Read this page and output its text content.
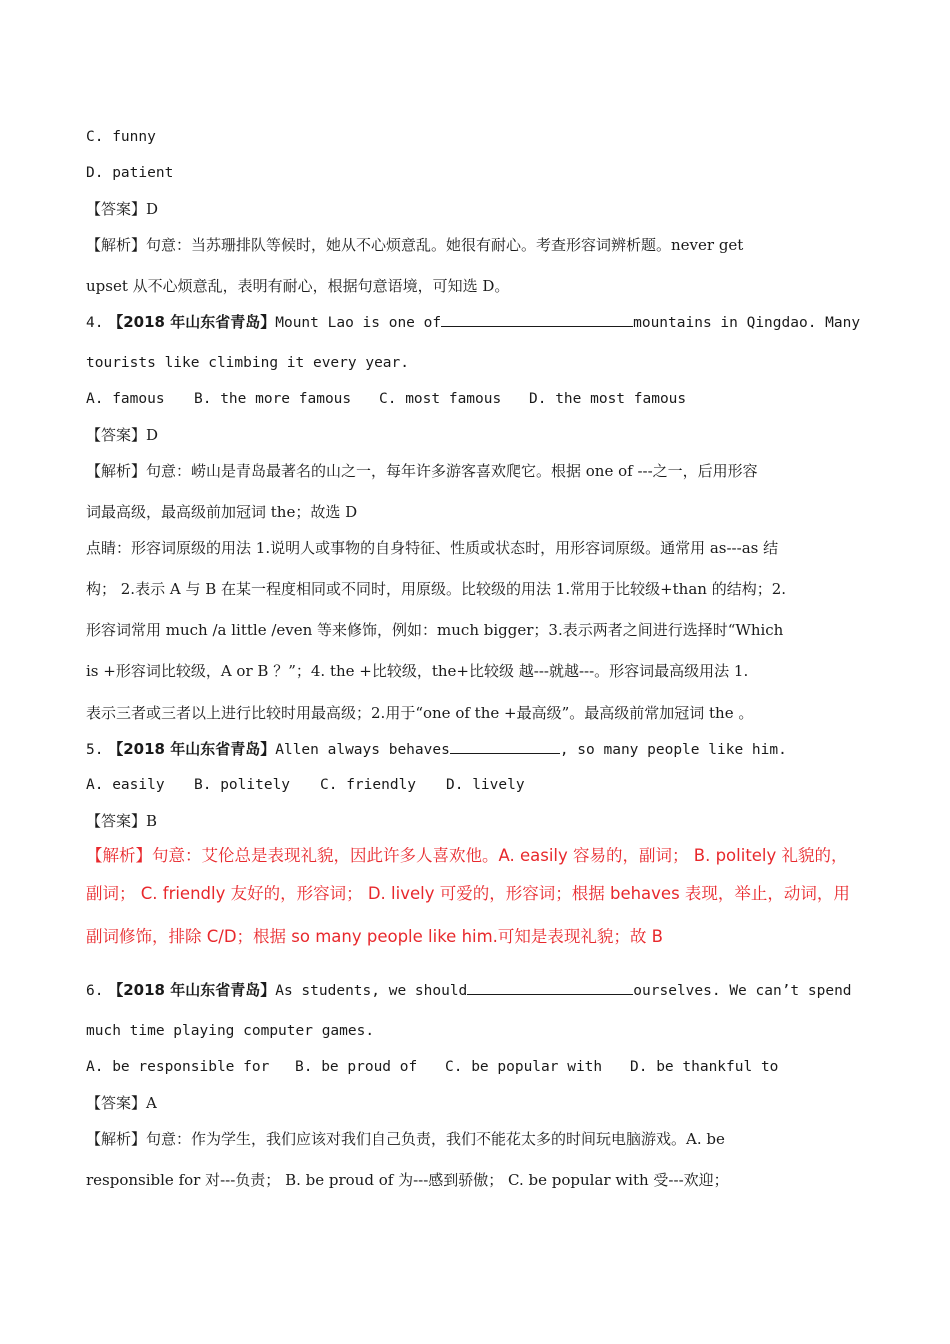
C. funny
D. patient
【答案】D
【解析】句意：当苏珊排队等候时，她从不心烦意乱。她很有耐心。考查形容词辨析题。never get
upset 从不心烦意乱，表明有耐心，根据句意语境，可知选 D。
4. 【2018 年山东省青岛】Mount Lao is one of	mountains in Qingdao. Many
tourists like climbing it every year.
A. famous B. the more famous C. most famous D. the most famous
【答案】D
【解析】句意：崂山是青岛最著名的山之一，每年许多游客喜欢爬它。根据 one of ---之一，后用形容
词最高级，最高级前加冠词 the；故选 D
点睛：形容词原级的用法 1.说明人或事物的自身特征、性质或状态时，用形容词原级。通常用 as---as 结
构； 2.表示 A 与 B 在某一程度相同或不同时，用原级。比较级的用法 1.常用于比较级+than 的结构；2.
形容词常用 much /a little /even 等来修饰，例如：much bigger；3.表示两者之间进行选择时“Which
is +形容词比较级，A or B ？”；4. the +比较级，the+比较级 越---就越---。形容词最高级用法 1.
表示三者或三者以上进行比较时用最高级；2.用于“one of the +最高级”。最高级前常加冠词 the 。
5. 【2018 年山东省青岛】Allen always behaves	, so many people like him.
A. easily B. politely C. friendly D. lively
【答案】B
【解析】句意：艾伦总是表现礼貌，因此许多人喜欢他。A. easily 容易的，副词； B. politely 礼貌的，
副词； C. friendly 友好的，形容词； D. lively 可爱的，形容词；根据 behaves 表现，举止，动词，用
副词修饰，排除 C/D；根据 so many people like him.可知是表现礼貌；故 B
6. 【2018 年山东省青岛】As students, we should	ourselves. We can’t spend
much time playing computer games.
A. be responsible for B. be proud of C. be popular with D. be thankful to
【答案】A
【解析】句意：作为学生，我们应该对我们自己负责，我们不能花太多的时间玩电脑游戏。A. be
responsible for 对---负责； B. be proud of 为---感到骄傲； C. be popular with 受---欢迎；
